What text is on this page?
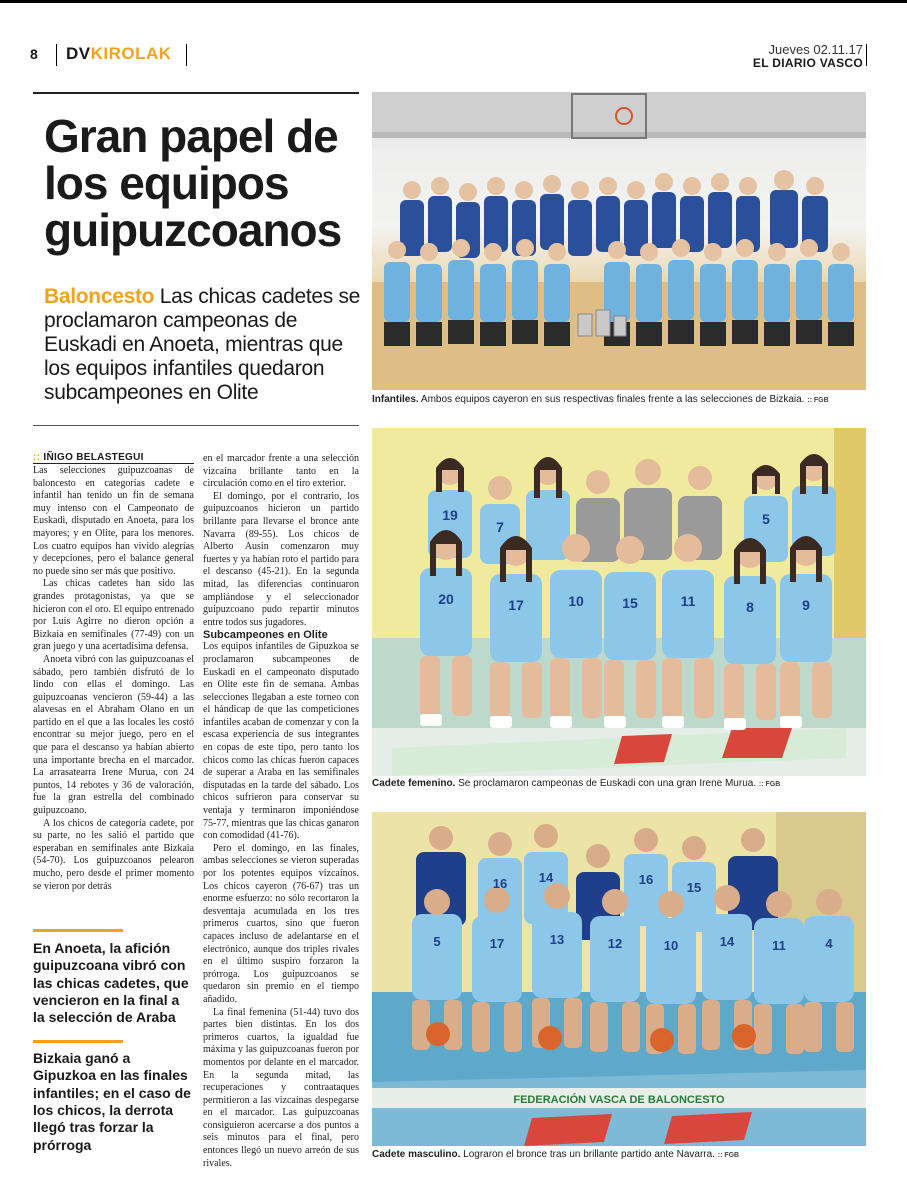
8 DVKIROLAK	Jueves 02.11.17
EL DIARIO VASCO
Gran papel de los equipos guipuzcoanos

Baloncesto Las chicas cadetes se proclamaron campeonas de Euskadi en Anoeta, mientras que los equipos infantiles quedaron subcampeones en Olite

:: IÑIGO BELASTEGUI

Las selecciones guipuzcoanas de baloncesto en categorías cadete e infantil han tenido un fin de semana muy intenso con el Campeonato de Euskadi, disputado en Anoeta, para los mayores; y en Olite, para los menores. Los cuatro equipos han vivido alegrías y decepciones, pero el balance general no puede sino ser más que positivo.

Las chicas cadetes han sido las grandes protagonistas, ya que se hicieron con el oro. El equipo entrenado por Luis Agirre no dieron opción a Bizkaia en semifinales (77-49) con un gran juego y una acertadísima defensa.

Anoeta vibró con las guipuzcoanas el sábado, pero también disfrutó de lo lindo con ellas el domingo. Las guipuzcoanas vencieron (59-44) a las alavesas en el Abraham Olano en un partido en el que a las locales les costó encontrar su mejor juego, pero en el que para el descanso ya habían abierto una importante brecha en el marcador. La arrasatearra Irene Murua, con 24 puntos, 14 rebotes y 36 de valoración, fue la gran estrella del combinado guipuzcoano.

A los chicos de categoría cadete, por su parte, no les salió el partido que esperaban en semifinales ante Bizkaia (54-70). Los guipuzcoanos pelearon mucho, pero desde el primer momento se vieron por detrás

en el marcador frente a una selección vizcaína brillante tanto en la circulación como en el tiro exterior.

El domingo, por el contrario, los guipuzcoanos hicieron un partido brillante para llevarse el bronce ante Navarra (89-55). Los chicos de Alberto Ausin comenzaron muy fuertes y ya habían roto el partido para el descanso (45-21). En la segunda mitad, las diferencias continuaron ampliándose y el seleccionador guipuzcoano pudo repartir minutos entre todos sus jugadores.

Subcampeones en Olite

Los equipos infantiles de Gipuzkoa se proclamaron subcampeones de Euskadi en el campeonato disputado en Olite este fin de semana. Ambas selecciones llegaban a este torneo con el hándicap de que las competiciones infantiles acaban de comenzar y con la escasa experiencia de sus integrantes en copas de este tipo, pero tanto los chicos como las chicas fueron capaces de superar a Araba en las semifinales disputadas en la tarde del sábado. Los chicos sufrieron para conservar su ventaja y terminaron imponiéndose 75-77, mientras que las chicas ganaron con comodidad (41-76).

Pero el domingo, en las finales, ambas selecciones se vieron superadas por los potentes equipos vizcaínos. Los chicos cayeron (76-67) tras un enorme esfuerzo: no sólo recortaron la desventaja acumulada en los tres primeros cuartos, sino que fueron capaces incluso de adelantarse en el electrónico, aunque dos triples rivales en el último suspiro forzaron la prórroga. Los guipuzcoanos se quedaron sin premio en el tiempo añadido.

La final femenina (51-44) tuvo dos partes bien distintas. En los dos primeros cuartos, la igualdad fue máxima y las guipuzcoanas fueron por momentos por delante en el marcador. En la segunda mitad, las recuperaciones y contraataques permitieron a las vizcaínas despegarse en el marcador. Las guipuzcoanas consiguieron acercarse a dos puntos a seis minutos para el final, pero entonces llegó un nuevo arreón de sus rivales.

En Anoeta, la afición guipuzcoana vibró con las chicas cadetes, que vencieron en la final a la selección de Araba

Bizkaia ganó a Gipuzkoa en las finales infantiles; en el caso de los chicos, la derrota llegó tras forzar la prórroga

Infantiles. Ambos equipos cayeron en sus respectivas finales frente a las selecciones de Bizkaia. :: FGB

19
7	5
20	17	10	15	11	8	9

Cadete femenino. Se proclamaron campeonas de Euskadi con una gran Irene Murua. :: FGB

FEDERACIÓN VASCA DE BALONCESTO
16 14	16
15
5	17	13	12	10	14	11	4

Cadete masculino. Lograron el bronce tras un brillante partido ante Navarra. :: FGB
